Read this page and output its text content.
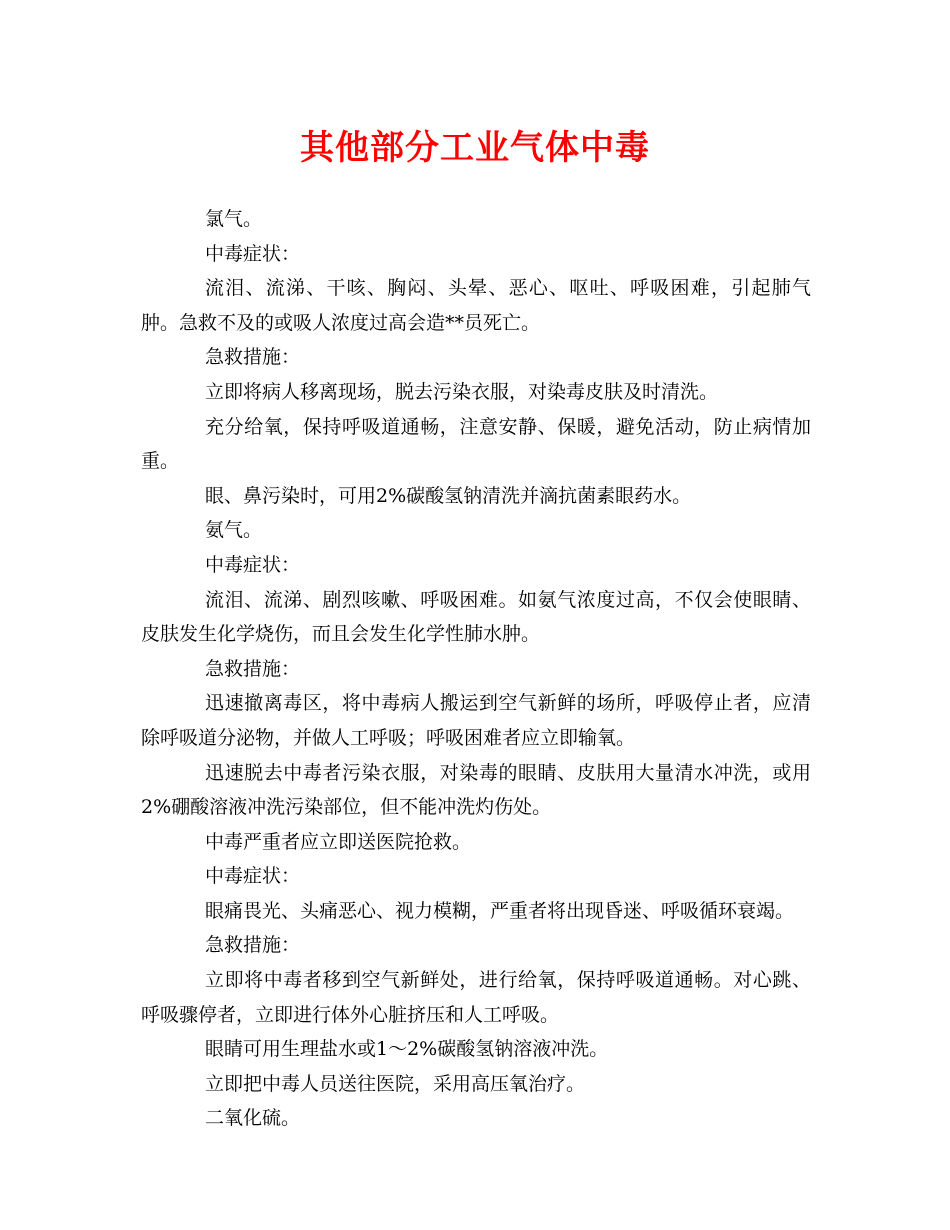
其他部分工业气体中毒

氯气。

中毒症状：

流泪、流涕、干咳、胸闷、头晕、恶心、呕吐、呼吸困难，引起肺气肿。急救不及的或吸人浓度过高会造**员死亡。

急救措施：

立即将病人移离现场，脱去污染衣服，对染毒皮肤及时清洗。

充分给氧，保持呼吸道通畅，注意安静、保暖，避免活动，防止病情加重。

眼、鼻污染时，可用2%碳酸氢钠清洗并滴抗菌素眼药水。

氨气。

中毒症状：

流泪、流涕、剧烈咳嗽、呼吸困难。如氨气浓度过高，不仅会使眼睛、皮肤发生化学烧伤，而且会发生化学性肺水肿。

急救措施：

迅速撤离毒区，将中毒病人搬运到空气新鲜的场所，呼吸停止者，应清除呼吸道分泌物，并做人工呼吸；呼吸困难者应立即输氧。

迅速脱去中毒者污染衣服，对染毒的眼睛、皮肤用大量清水冲洗，或用2%硼酸溶液冲洗污染部位，但不能冲洗灼伤处。

中毒严重者应立即送医院抢救。

中毒症状：

眼痛畏光、头痛恶心、视力模糊，严重者将出现昏迷、呼吸循环衰竭。

急救措施：

立即将中毒者移到空气新鲜处，进行给氧，保持呼吸道通畅。对心跳、呼吸骤停者，立即进行体外心脏挤压和人工呼吸。

眼睛可用生理盐水或1～2%碳酸氢钠溶液冲洗。

立即把中毒人员送往医院，采用高压氧治疗。

二氧化硫。
